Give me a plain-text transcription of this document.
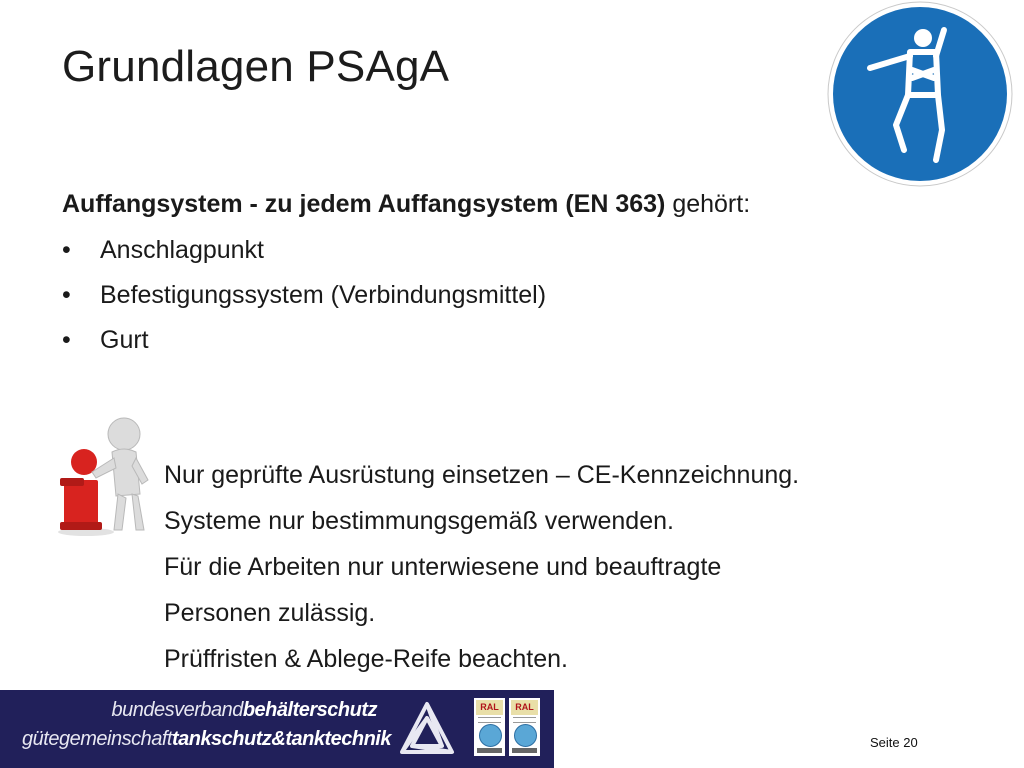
Grundlagen PSAgA
Auffangsystem - zu jedem Auffangsystem (EN 363) gehört:
•	Anschlagpunkt
•	Befestigungssystem (Verbindungsmittel)
•	Gurt
Nur geprüfte Ausrüstung einsetzen – CE-Kennzeichnung.
Systeme nur bestimmungsgemäß verwenden.
Für die Arbeiten nur unterwiesene und beauftragte
Personen zulässig.
Prüffristen & Ablege-Reife beachten.
bundesverbandbehälterschutz
gütegemeinschafttankschutz&tanktechnik
RAL	RAL
Seite 20
